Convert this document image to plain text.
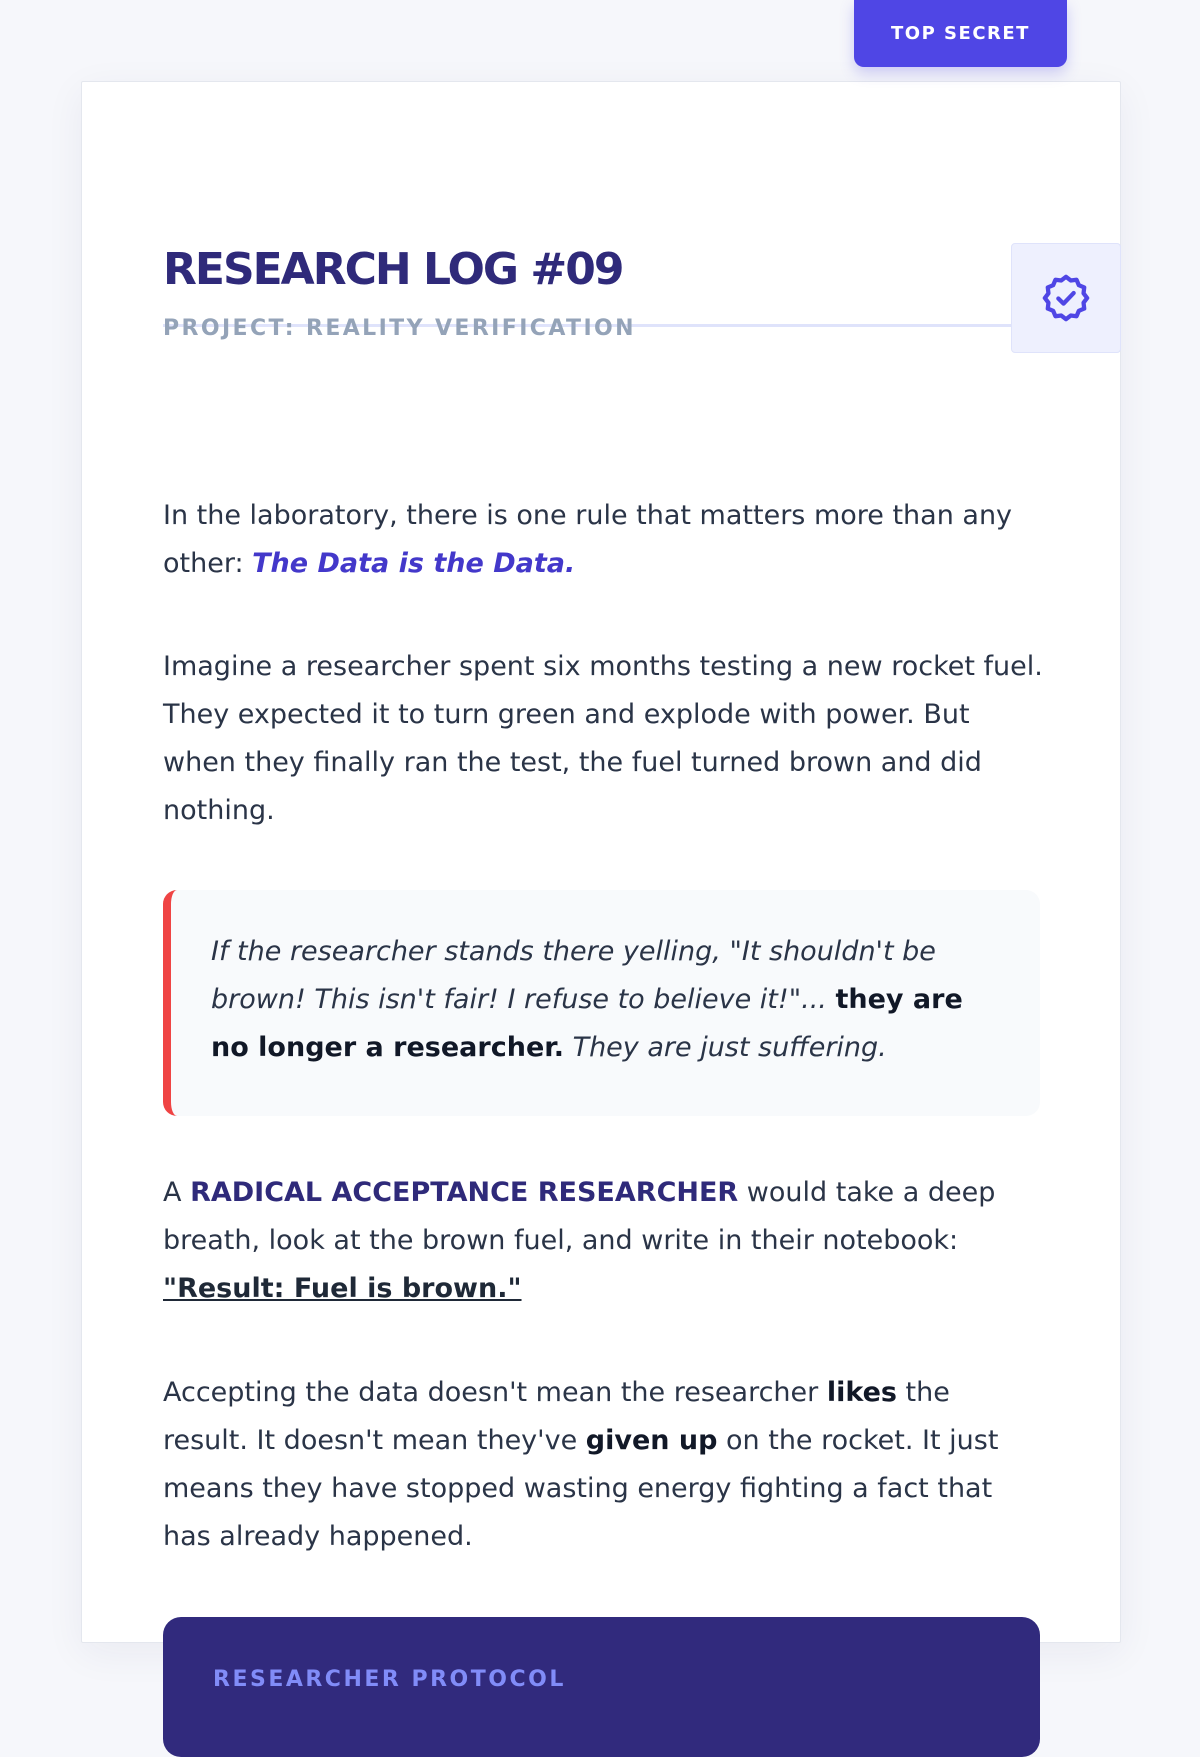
TOP SECRET
RESEARCH LOG #09
PROJECT: REALITY VERIFICATION

In the laboratory, there is one rule that matters more than any other: The Data is the Data.

Imagine a researcher spent six months testing a new rocket fuel. They expected it to turn green and explode with power. But when they finally ran the test, the fuel turned brown and did nothing.

If the researcher stands there yelling, "It shouldn't be brown! This isn't fair! I refuse to believe it!"... they are no longer a researcher. They are just suffering.

A RADICAL ACCEPTANCE RESEARCHER would take a deep breath, look at the brown fuel, and write in their notebook: "Result: Fuel is brown."

Accepting the data doesn't mean the researcher likes the result. It doesn't mean they've given up on the rocket. It just means they have stopped wasting energy fighting a fact that has already happened.

RESEARCHER PROTOCOL
